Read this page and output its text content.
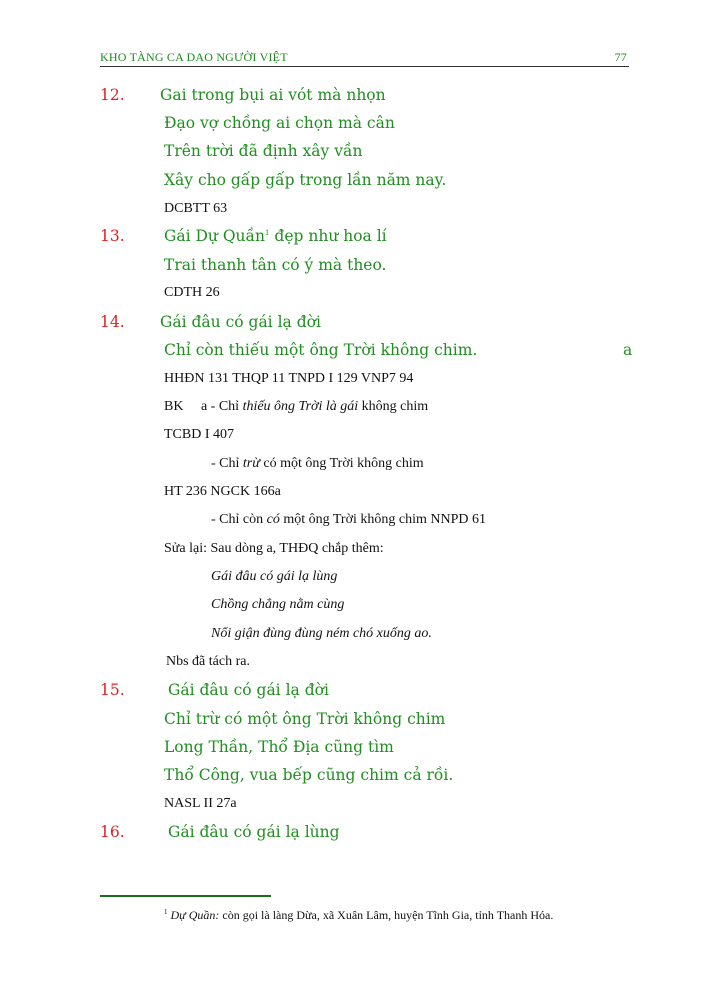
KHO TÀNG CA DAO NGƯỜI VIỆT	77
12. Gai trong bụi ai vót mà nhọn
Đạo vợ chồng ai chọn mà cân
Trên trời đã định xây vần
Xây cho gấp gấp trong lần năm nay.
DCBTT 63
13.	Gái Dự Quần$^1$ đẹp như hoa lí
Trai thanh tân có ý mà theo.
CDTH 26
14. Gái đâu có gái lạ đời
Chỉ còn thiếu một ông Trời không chim.	a
HHĐN 131 THQP 11 TNPD I 129 VNP7 94
BK     a - Chỉ thiếu ông Trời là gái không chim
TCBD I 407
- Chỉ trừ có một ông Trời không chim
HT 236 NGCK 166a
- Chỉ còn có một ông Trời không chim NNPD 61
Sửa lại: Sau dòng a, THĐQ chắp thêm:
Gái đâu có gái lạ lùng
Chồng chẳng nằm cùng
Nổi giận đùng đùng ném chó xuống ao.
Nbs đã tách ra.
15.	Gái đâu có gái lạ đời
Chỉ trừ có một ông Trời không chim
Long Thần, Thổ Địa cũng tìm
Thổ Công, vua bếp cũng chim cả rồi.
NASL II 27a
16.	Gái đâu có gái lạ lùng
$^1$ Dự Quần: còn gọi là làng Dừa, xã Xuân Lâm, huyện Tĩnh Gia, tỉnh Thanh Hóa.
